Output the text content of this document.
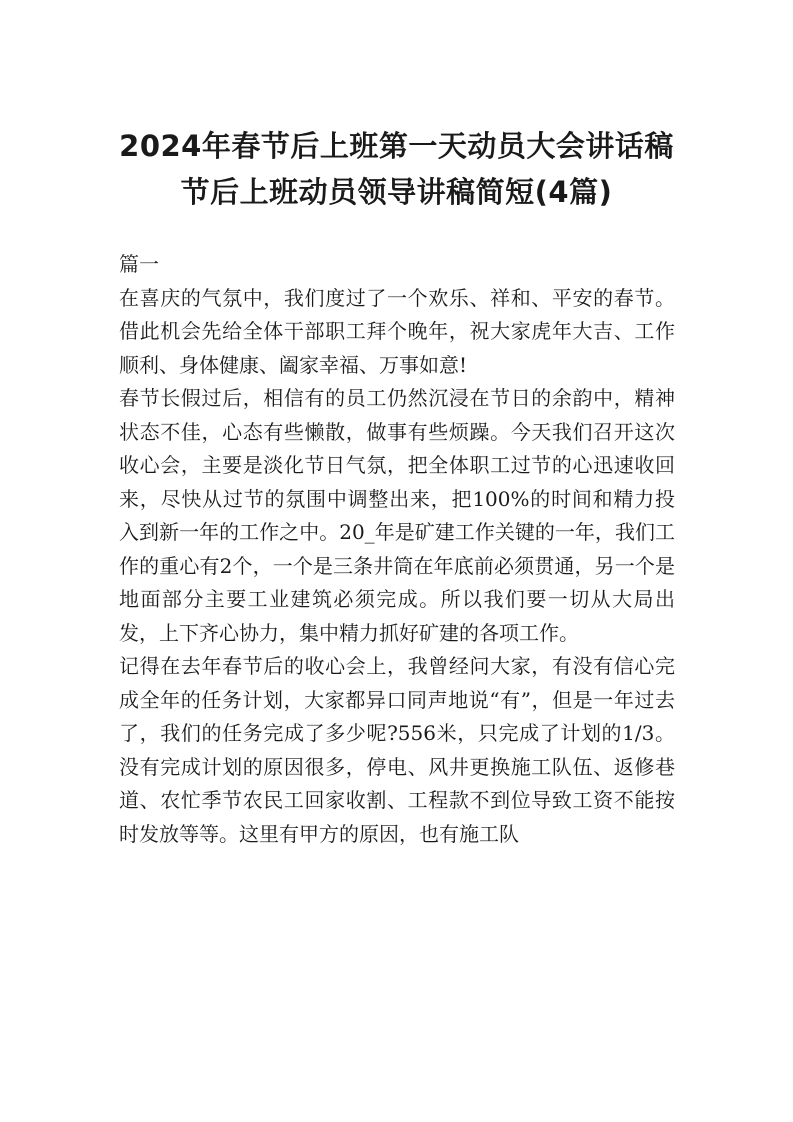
2024年春节后上班第一天动员大会讲话稿
节后上班动员领导讲稿简短(4篇)

篇一

在喜庆的气氛中，我们度过了一个欢乐、祥和、平安的春节。借此机会先给全体干部职工拜个晚年，祝大家虎年大吉、工作顺利、身体健康、阖家幸福、万事如意!

春节长假过后，相信有的员工仍然沉浸在节日的余韵中，精神状态不佳，心态有些懒散，做事有些烦躁。今天我们召开这次收心会，主要是淡化节日气氛，把全体职工过节的心迅速收回来，尽快从过节的氛围中调整出来，把100%的时间和精力投入到新一年的工作之中。20_年是矿建工作关键的一年，我们工作的重心有2个，一个是三条井筒在年底前必须贯通，另一个是地面部分主要工业建筑必须完成。所以我们要一切从大局出发，上下齐心协力，集中精力抓好矿建的各项工作。

记得在去年春节后的收心会上，我曾经问大家，有没有信心完成全年的任务计划，大家都异口同声地说“有”，但是一年过去了，我们的任务完成了多少呢?556米，只完成了计划的1/3。没有完成计划的原因很多，停电、风井更换施工队伍、返修巷道、农忙季节农民工回家收割、工程款不到位导致工资不能按时发放等等。这里有甲方的原因，也有施工队
